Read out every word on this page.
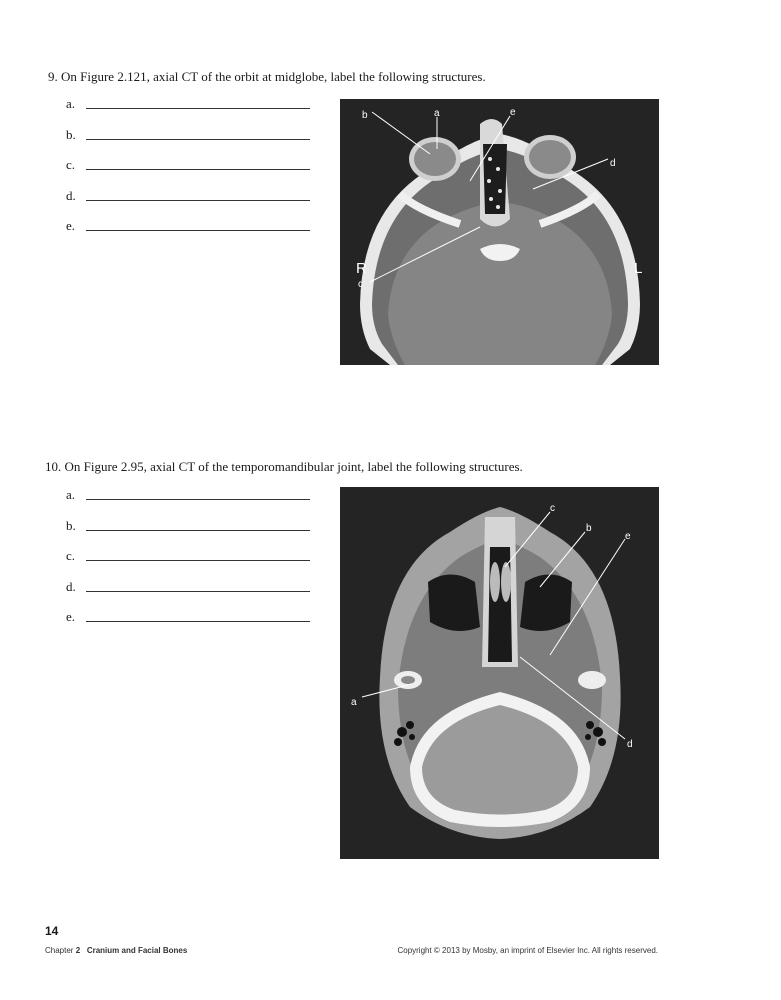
9. On Figure 2.121, axial CT of the orbit at midglobe, label the following structures.
a.
b.
c.
d.
e.
b	a	e
d
c
R	L
10. On Figure 2.95, axial CT of the temporomandibular joint, label the following structures.
a.
b.
c.
d.
e.
a
b
c
d
e
14
Chapter 2 Cranium and Facial Bones	Copyright © 2013 by Mosby, an imprint of Elsevier Inc. All rights reserved.
